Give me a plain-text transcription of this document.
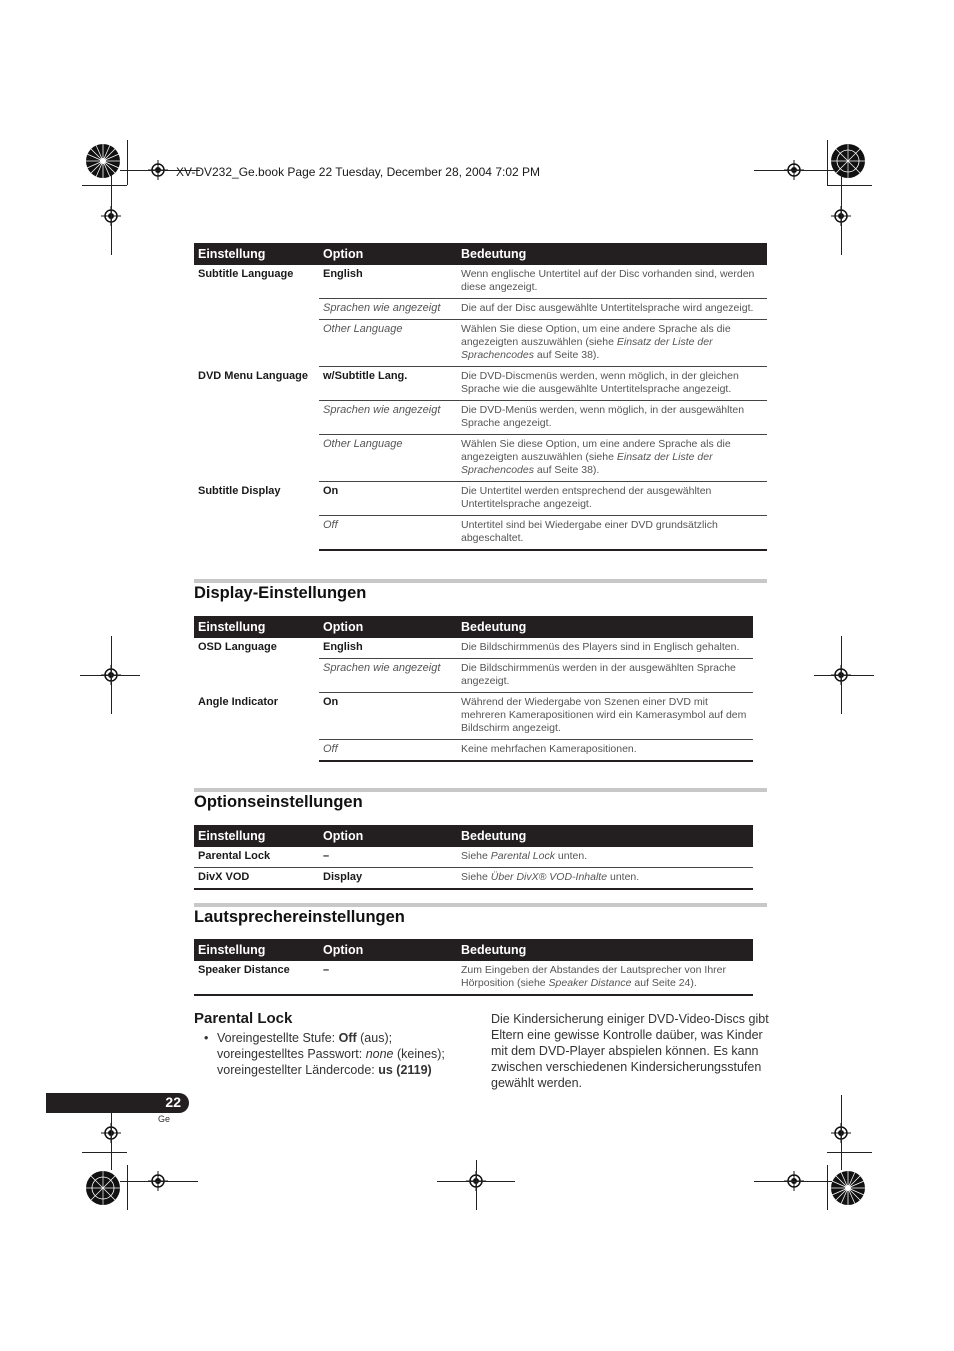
XV-DV232_Ge.book Page 22 Tuesday, December 28, 2004 7:02 PM
Einstellung	Option	Bedeutung
Subtitle Language	English	Wenn englische Untertitel auf der Disc vorhanden sind, werden diese angezeigt.
	Sprachen wie angezeigt	Die auf der Disc ausgewählte Untertitelsprache wird angezeigt.
	Other Language	Wählen Sie diese Option, um eine andere Sprache als die angezeigten auszuwählen (siehe Einsatz der Liste der Sprachencodes auf Seite 38).
DVD Menu Language	w/Subtitle Lang.	Die DVD-Discmenüs werden, wenn möglich, in der gleichen Sprache wie die ausgewählte Untertitelsprache angezeigt.
	Sprachen wie angezeigt	Die DVD-Menüs werden, wenn möglich, in der ausgewählten Sprache angezeigt.
	Other Language	Wählen Sie diese Option, um eine andere Sprache als die angezeigten auszuwählen (siehe Einsatz der Liste der Sprachencodes auf Seite 38).
Subtitle Display	On	Die Untertitel werden entsprechend der ausgewählten Untertitelsprache angezeigt.
	Off	Untertitel sind bei Wiedergabe einer DVD grundsätzlich abgeschaltet.
Display-Einstellungen
Einstellung	Option	Bedeutung
OSD Language	English	Die Bildschirmmenüs des Players sind in Englisch gehalten.
	Sprachen wie angezeigt	Die Bildschirmmenüs werden in der ausgewählten Sprache angezeigt.
Angle Indicator	On	Während der Wiedergabe von Szenen einer DVD mit mehreren Kamerapositionen wird ein Kamerasymbol auf dem Bildschirm angezeigt.
	Off	Keine mehrfachen Kamerapositionen.
Optionseinstellungen
Einstellung	Option	Bedeutung
Parental Lock	–	Siehe Parental Lock unten.
DivX VOD	Display	Siehe Über DivX® VOD-Inhalte unten.
Lautsprechereinstellungen
Einstellung	Option	Bedeutung
Speaker Distance	–	Zum Eingeben der Abstandes der Lautsprecher von Ihrer Hörposition (siehe Speaker Distance auf Seite 24).
Parental Lock
• Voreingestellte Stufe: Off (aus); voreingestelltes Passwort: none (keines); voreingestellter Ländercode: us (2119)
Die Kindersicherung einiger DVD-Video-Discs gibt Eltern eine gewisse Kontrolle daüber, was Kinder mit dem DVD-Player abspielen können. Es kann zwischen verschiedenen Kindersicherungsstufen gewählt werden.
22
Ge
